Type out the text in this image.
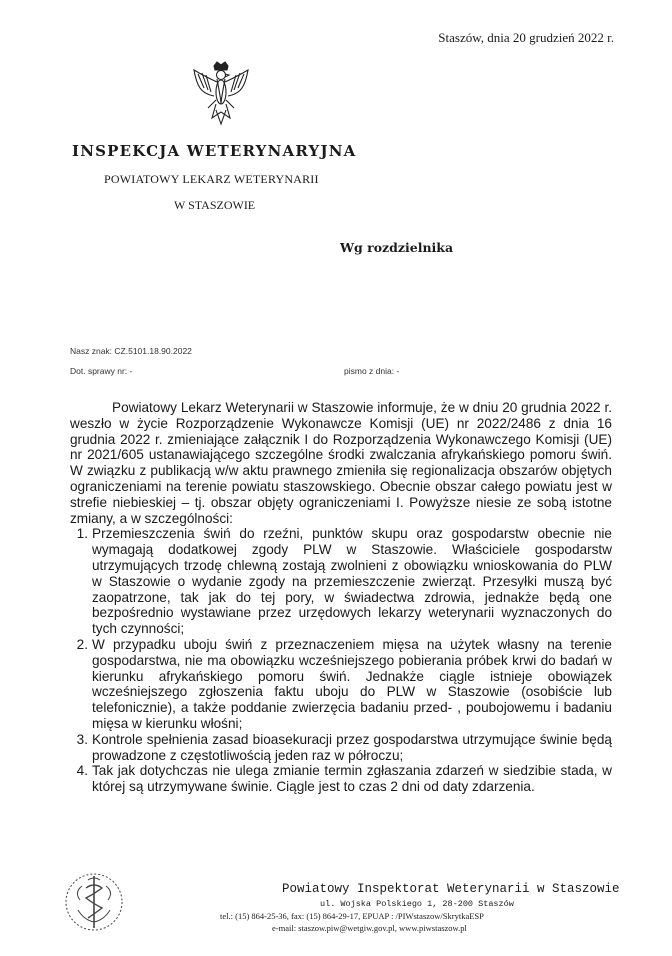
Staszów, dnia 20 grudzień 2022 r.
INSPEKCJA WETERYNARYJNA
POWIATOWY LEKARZ WETERYNARII
W STASZOWIE
Wg rozdzielnika
Nasz znak: CZ.5101.18.90.2022
Dot. sprawy nr: -	pismo z dnia: -

Powiatowy Lekarz Weterynarii w Staszowie informuje, że w dniu 20 grudnia 2022 r. weszło w życie Rozporządzenie Wykonawcze Komisji (UE) nr 2022/2486 z dnia 16 grudnia 2022 r. zmieniające załącznik I do Rozporządzenia Wykonawczego Komisji (UE) nr 2021/605 ustanawiającego szczególne środki zwalczania afrykańskiego pomoru świń. W związku z publikacją w/w aktu prawnego zmieniła się regionalizacja obszarów objętych ograniczeniami na terenie powiatu staszowskiego. Obecnie obszar całego powiatu jest w strefie niebieskiej – tj. obszar objęty ograniczeniami I. Powyższe niesie ze sobą istotne zmiany, a w szczególności:

1. Przemieszczenia świń do rzeźni, punktów skupu oraz gospodarstw obecnie nie wymagają dodatkowej zgody PLW w Staszowie. Właściciele gospodarstw utrzymujących trzodę chlewną zostają zwolnieni z obowiązku wnioskowania do PLW w Staszowie o wydanie zgody na przemieszczenie zwierząt. Przesyłki muszą być zaopatrzone, tak jak do tej pory, w świadectwa zdrowia, jednakże będą one bezpośrednio wystawiane przez urzędowych lekarzy weterynarii wyznaczonych do tych czynności;
2. W przypadku uboju świń z przeznaczeniem mięsa na użytek własny na terenie gospodarstwa, nie ma obowiązku wcześniejszego pobierania próbek krwi do badań w kierunku afrykańskiego pomoru świń. Jednakże ciągle istnieje obowiązek wcześniejszego zgłoszenia faktu uboju do PLW w Staszowie (osobiście lub telefonicznie), a także poddanie zwierzęcia badaniu przed- , poubojowemu i badaniu mięsa w kierunku włośni;
3. Kontrole spełnienia zasad bioasekuracji przez gospodarstwa utrzymujące świnie będą prowadzone z częstotliwością jeden raz w półroczu;
4. Tak jak dotychczas nie ulega zmianie termin zgłaszania zdarzeń w siedzibie stada, w której są utrzymywane świnie. Ciągle jest to czas 2 dni od daty zdarzenia.
Powiatowy Inspektorat Weterynarii w Staszowie
ul. Wojska Polskiego 1, 28-200 Staszów
tel.: (15) 864-25-36, fax: (15) 864-29-17, EPUAP : /PIWstaszow/SkrytkaESP
e-mail: staszow.piw@wetgiw.gov.pl, www.piwstaszow.pl
